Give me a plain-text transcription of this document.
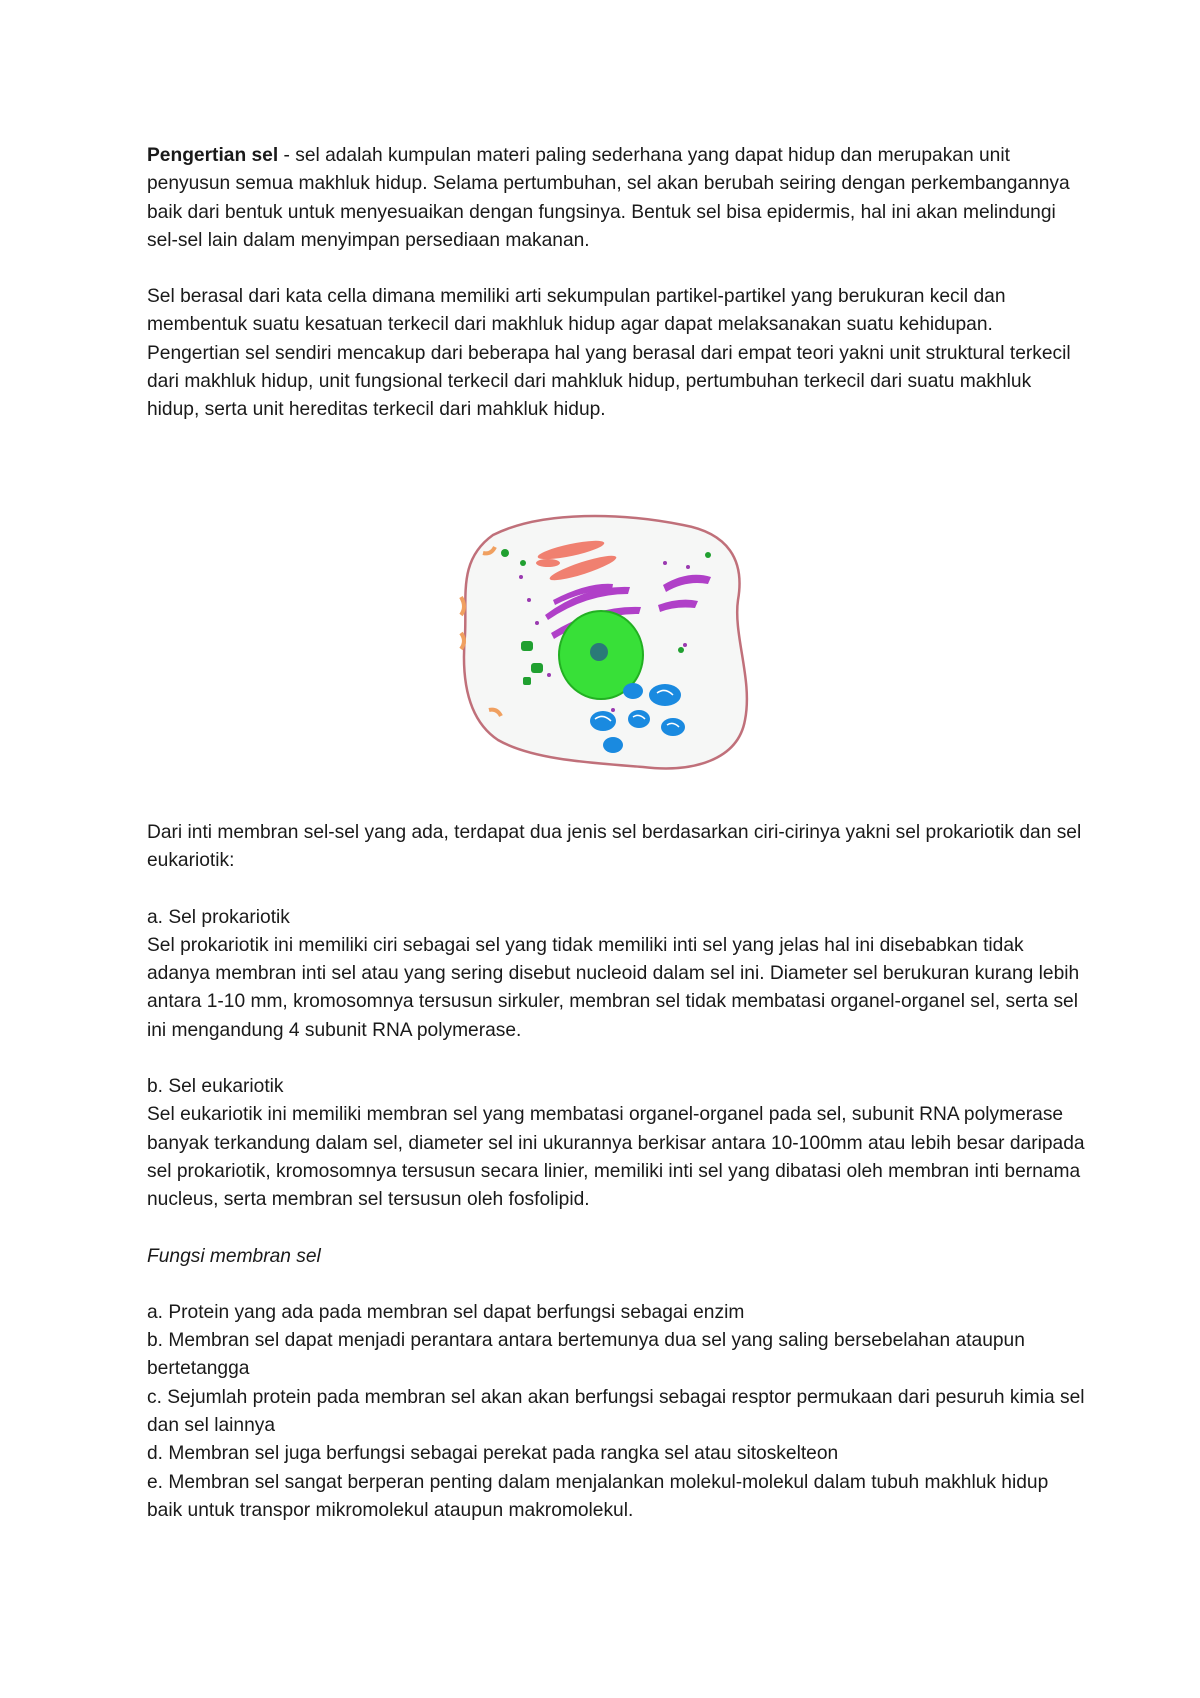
Pengertian sel - sel adalah kumpulan materi paling sederhana yang dapat hidup dan merupakan unit penyusun semua makhluk hidup. Selama pertumbuhan, sel akan berubah seiring dengan perkembangannya baik dari bentuk untuk menyesuaikan dengan fungsinya. Bentuk sel bisa epidermis, hal ini akan melindungi sel-sel lain dalam menyimpan persediaan makanan.

Sel berasal dari kata cella dimana memiliki arti sekumpulan partikel-partikel yang berukuran kecil dan membentuk suatu kesatuan terkecil dari makhluk hidup agar dapat melaksanakan suatu kehidupan. Pengertian sel sendiri mencakup dari beberapa hal yang berasal dari empat teori yakni unit struktural terkecil dari makhluk hidup, unit fungsional terkecil dari mahkluk hidup, pertumbuhan terkecil dari suatu makhluk hidup, serta unit hereditas terkecil dari mahkluk hidup.

Dari inti membran sel-sel yang ada, terdapat dua jenis sel berdasarkan ciri-cirinya yakni sel prokariotik dan sel eukariotik:

a. Sel prokariotik

Sel prokariotik ini memiliki ciri sebagai sel yang tidak memiliki inti sel yang jelas hal ini disebabkan tidak adanya membran inti sel atau yang sering disebut nucleoid dalam sel ini. Diameter sel berukuran kurang lebih antara 1-10 mm, kromosomnya tersusun sirkuler, membran sel tidak membatasi organel-organel sel, serta sel ini mengandung 4 subunit RNA polymerase.

b. Sel eukariotik

Sel eukariotik ini memiliki membran sel yang membatasi organel-organel pada sel, subunit RNA polymerase banyak terkandung dalam sel, diameter sel ini ukurannya berkisar antara 10-100mm atau lebih besar daripada sel prokariotik, kromosomnya tersusun secara linier, memiliki inti sel yang dibatasi oleh membran inti bernama nucleus, serta membran sel tersusun oleh fosfolipid.

Fungsi membran sel

a. Protein yang ada pada membran sel dapat berfungsi sebagai enzim

b. Membran sel dapat menjadi perantara antara bertemunya dua sel yang saling bersebelahan ataupun bertetangga

c. Sejumlah protein pada membran sel akan akan berfungsi sebagai resptor permukaan dari pesuruh kimia sel dan sel lainnya

d. Membran sel juga berfungsi sebagai perekat pada rangka sel atau sitoskelteon

e. Membran sel sangat berperan penting dalam menjalankan molekul-molekul dalam tubuh makhluk hidup baik untuk transpor mikromolekul ataupun makromolekul.
